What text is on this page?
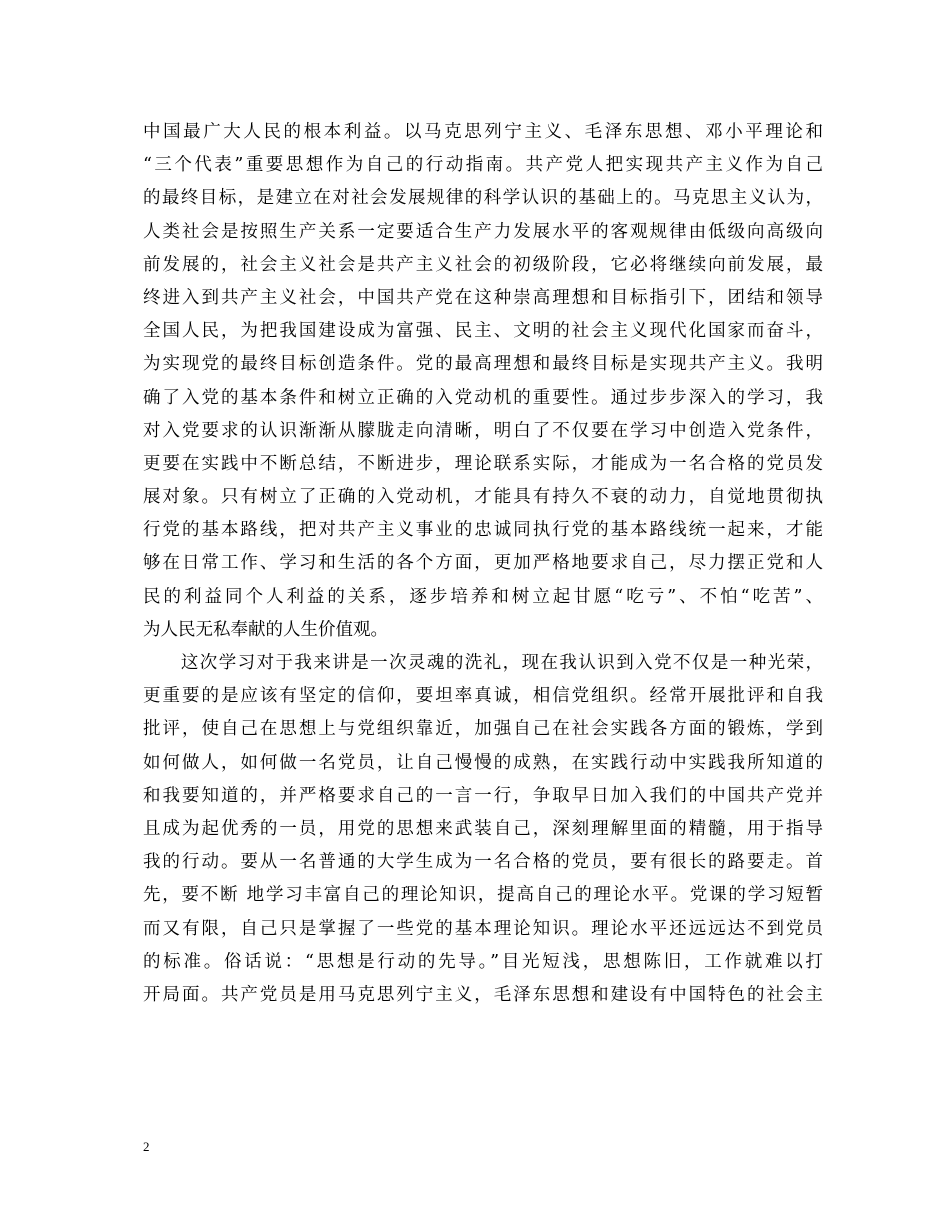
中国最广大人民的根本利益。以马克思列宁主义、毛泽东思想、邓小平理论和
“三个代表”重要思想作为自己的行动指南。共产党人把实现共产主义作为自己
的最终目标，是建立在对社会发展规律的科学认识的基础上的。马克思主义认为，
人类社会是按照生产关系一定要适合生产力发展水平的客观规律由低级向高级向
前发展的，社会主义社会是共产主义社会的初级阶段，它必将继续向前发展，最
终进入到共产主义社会，中国共产党在这种崇高理想和目标指引下，团结和领导
全国人民，为把我国建设成为富强、民主、文明的社会主义现代化国家而奋斗，
为实现党的最终目标创造条件。党的最高理想和最终目标是实现共产主义。我明
确了入党的基本条件和树立正确的入党动机的重要性。通过步步深入的学习，我
对入党要求的认识渐渐从朦胧走向清晰，明白了不仅要在学习中创造入党条件，
更要在实践中不断总结，不断进步，理论联系实际，才能成为一名合格的党员发
展对象。只有树立了正确的入党动机，才能具有持久不衰的动力，自觉地贯彻执
行党的基本路线，把对共产主义事业的忠诚同执行党的基本路线统一起来，才能
够在日常工作、学习和生活的各个方面，更加严格地要求自己，尽力摆正党和人
民的利益同个人利益的关系，逐步培养和树立起甘愿“吃亏”、不怕“吃苦”、
为人民无私奉献的人生价值观。
　　这次学习对于我来讲是一次灵魂的洗礼，现在我认识到入党不仅是一种光荣，
更重要的是应该有坚定的信仰，要坦率真诚，相信党组织。经常开展批评和自我
批评，使自己在思想上与党组织靠近，加强自己在社会实践各方面的锻炼，学到
如何做人，如何做一名党员，让自己慢慢的成熟，在实践行动中实践我所知道的
和我要知道的，并严格要求自己的一言一行，争取早日加入我们的中国共产党并
且成为起优秀的一员，用党的思想来武装自己，深刻理解里面的精髓，用于指导
我的行动。要从一名普通的大学生成为一名合格的党员，要有很长的路要走。首
先，要不断 地学习丰富自己的理论知识，提高自己的理论水平。党课的学习短暂
而又有限，自己只是掌握了一些党的基本理论知识。理论水平还远远达不到党员
的标准。俗话说：“思想是行动的先导。”目光短浅，思想陈旧，工作就难以打
开局面。共产党员是用马克思列宁主义，毛泽东思想和建设有中国特色的社会主
2
